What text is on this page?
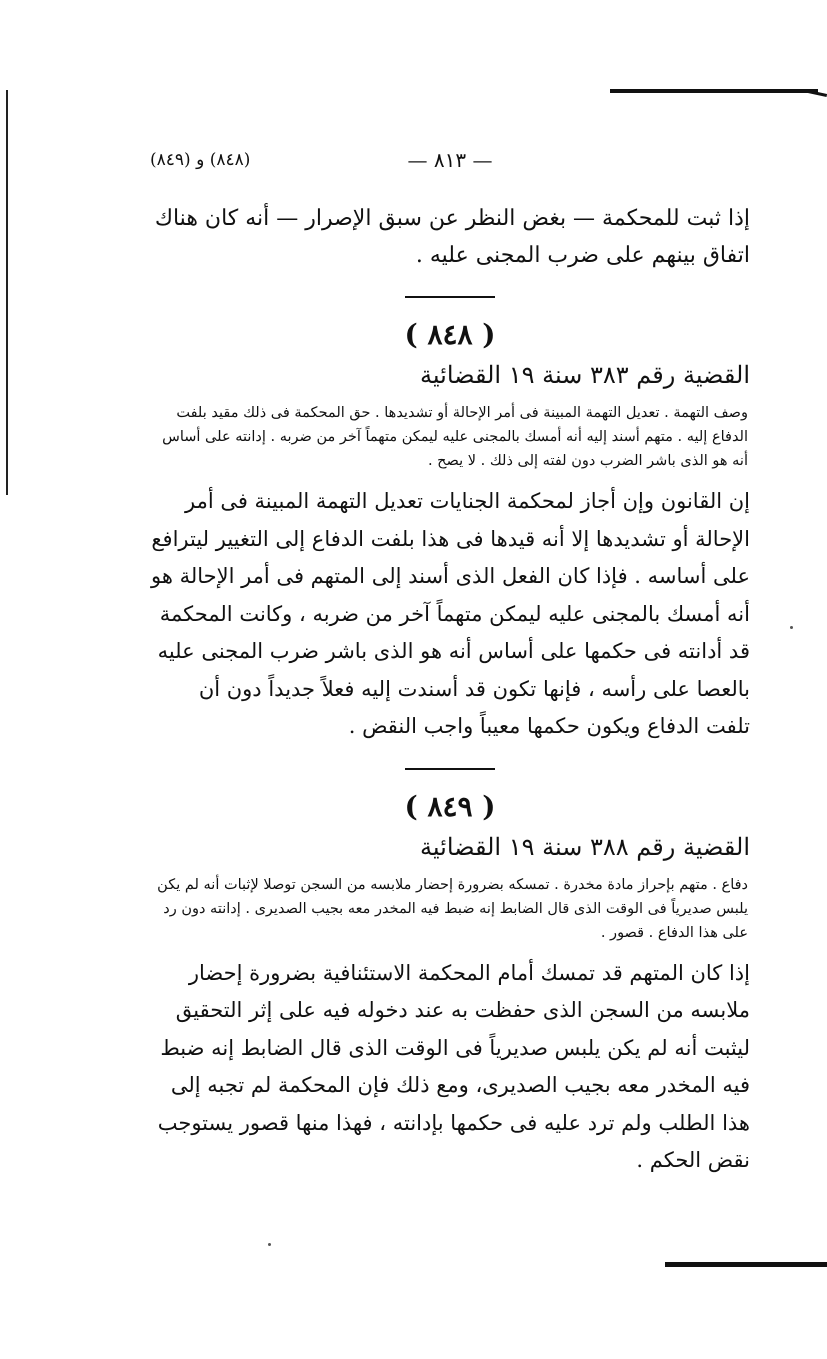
— ٨١٣ —
(٨٤٨) و (٨٤٩)

إذا ثبت للمحكمة — بغض النظر عن سبق الإصرار — أنه كان هناك اتفاق بينهم على ضرب المجنى عليه .

( ٨٤٨ )

القضية رقم ٣٨٣ سنة ١٩ القضائية

وصف التهمة . تعديل التهمة المبينة فى أمر الإحالة أو تشديدها . حق المحكمة فى ذلك مقيد بلفت الدفاع إليه . متهم أسند إليه أنه أمسك بالمجنى عليه ليمكن متهماً آخر من ضربه . إدانته على أساس أنه هو الذى باشر الضرب دون لفته إلى ذلك . لا يصح .

إن القانون وإن أجاز لمحكمة الجنايات تعديل التهمة المبينة فى أمر الإحالة أو تشديدها إلا أنه قيدها فى هذا بلفت الدفاع إلى التغيير ليترافع على أساسه . فإذا كان الفعل الذى أسند إلى المتهم فى أمر الإحالة هو أنه أمسك بالمجنى عليه ليمكن متهماً آخر من ضربه ، وكانت المحكمة قد أدانته فى حكمها على أساس أنه هو الذى باشر ضرب المجنى عليه بالعصا على رأسه ، فإنها تكون قد أسندت إليه فعلاً جديداً دون أن تلفت الدفاع ويكون حكمها معيباً واجب النقض .

( ٨٤٩ )

القضية رقم ٣٨٨ سنة ١٩ القضائية

دفاع . متهم بإحراز مادة مخدرة . تمسكه بضرورة إحضار ملابسه من السجن توصلا لإثبات أنه لم يكن يلبس صديرياً فى الوقت الذى قال الضابط إنه ضبط فيه المخدر معه بجيب الصديرى . إدانته دون رد على هذا الدفاع . قصور .

إذا كان المتهم قد تمسك أمام المحكمة الاستئنافية بضرورة إحضار ملابسه من السجن الذى حفظت به عند دخوله فيه على إثر التحقيق ليثبت أنه لم يكن يلبس صديرياً فى الوقت الذى قال الضابط إنه ضبط فيه المخدر معه بجيب الصديرى، ومع ذلك فإن المحكمة لم تجبه إلى هذا الطلب ولم ترد عليه فى حكمها بإدانته ، فهذا منها قصور يستوجب نقض الحكم .
